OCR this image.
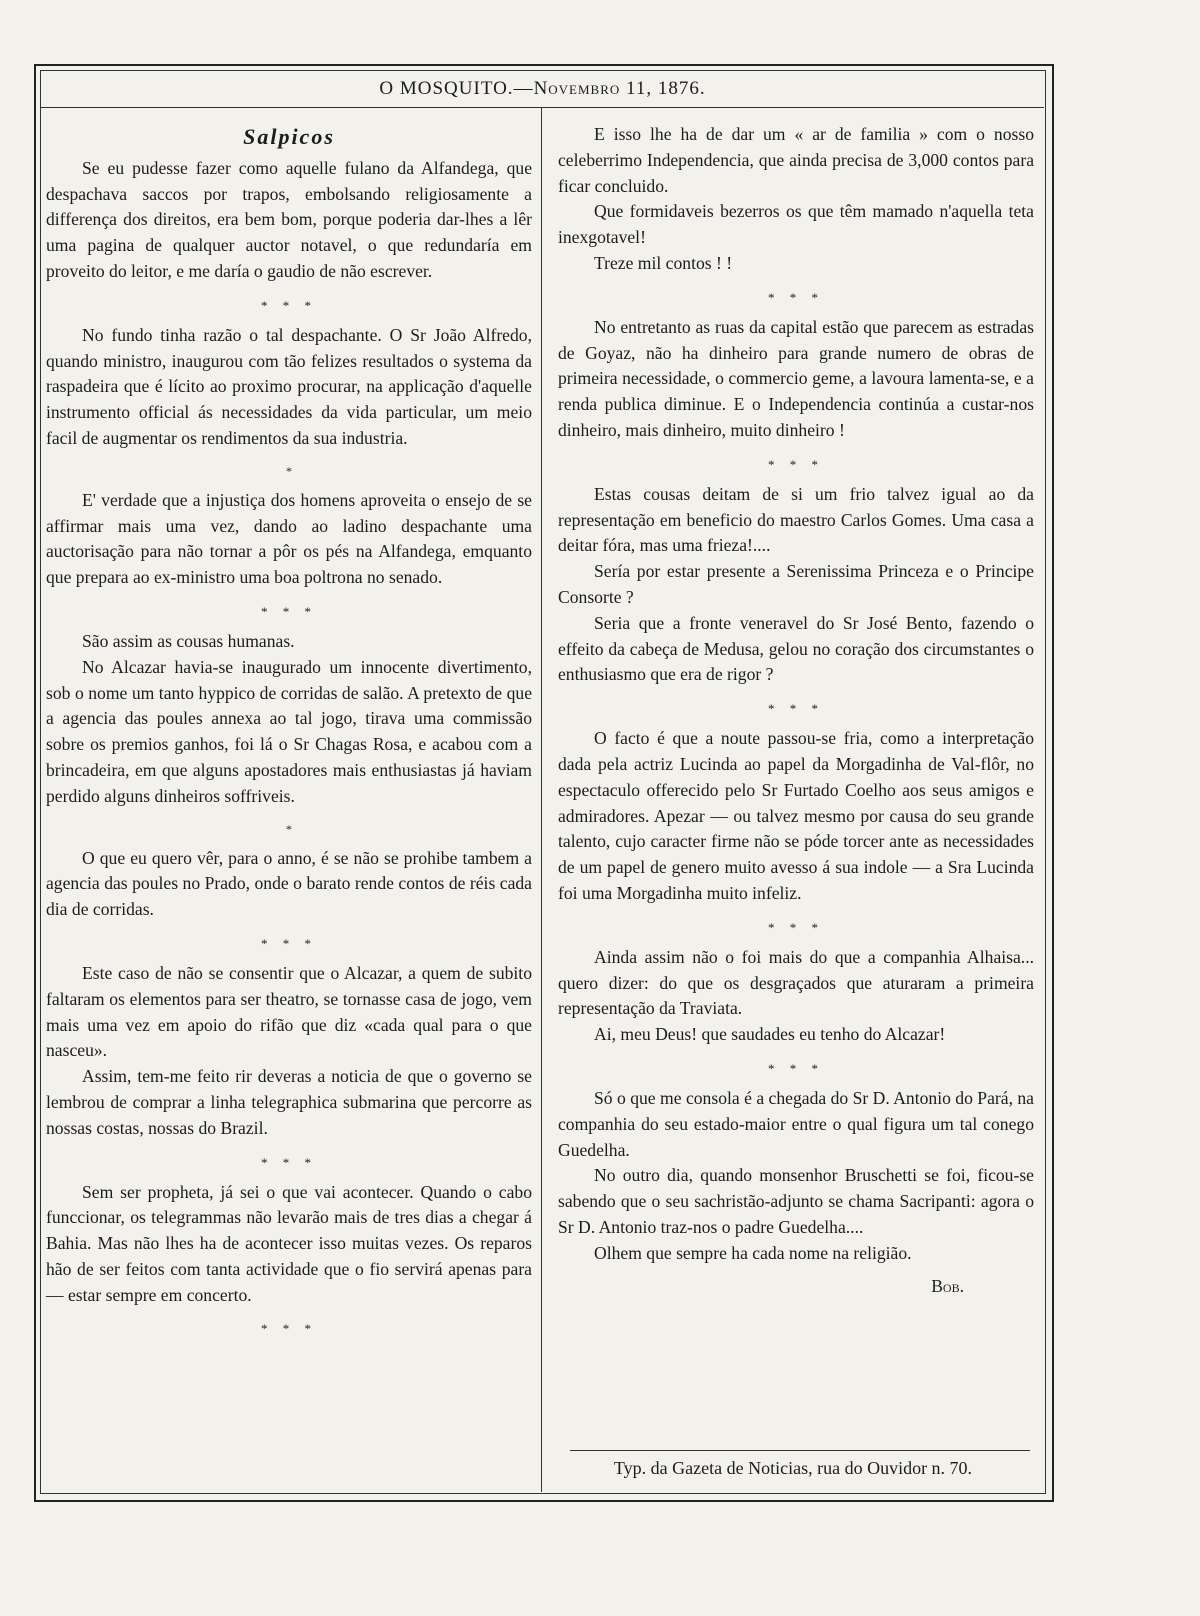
O MOSQUITO. — Novembro
11, 1876.
Salpicos

Se eu pudesse fazer como aquelle fulano da Alfandega, que despachava saccos por trapos, embolsando religiosamente a differença dos direitos, era bem bom, porque poderia dar-lhes a lêr uma pagina de qualquer auctor notavel, o que redundaría em proveito do leitor, e me daría o gaudio de não escrever.

* * *

No fundo tinha razão o tal despachante. O Sr João Alfredo, quando ministro, inaugurou com tão felizes resultados o systema da raspadeira que é lícito ao proximo procurar, na applicação d'aquelle instrumento official ás necessidades da vida particular, um meio facil de augmentar os rendimentos da sua industria.

*

E' verdade que a injustiça dos homens aproveita o ensejo de se affirmar mais uma vez, dando ao ladino despachante uma auctorisação para não tornar a pôr os pés na Alfandega, emquanto que prepara ao ex-ministro uma boa poltrona no senado.

* * *

São assim as cousas humanas.

No Alcazar havia-se inaugurado um innocente divertimento, sob o nome um tanto hyppico de corridas de salão. A pretexto de que a agencia das poules annexa ao tal jogo, tirava uma commissão sobre os premios ganhos, foi lá o Sr Chagas Rosa, e acabou com a brincadeira, em que alguns apostadores mais enthusiastas já haviam perdido alguns dinheiros soffriveis.

*

O que eu quero vêr, para o anno, é se não se prohibe tambem a agencia das poules no Prado, onde o barato rende contos de réis cada dia de corridas.

* * *

Este caso de não se consentir que o Alcazar, a quem de subito faltaram os elementos para ser theatro, se tornasse casa de jogo, vem mais uma vez em apoio do rifão que diz «cada qual para o que nasceu».

Assim, tem-me feito rir deveras a noticia de que o governo se lembrou de comprar a linha telegraphica submarina que percorre as nossas costas, nossas do Brazil.

* * *

Sem ser propheta, já sei o que vai acontecer. Quando o cabo funccionar, os telegrammas não levarão mais de tres dias a chegar á Bahia. Mas não lhes ha de acontecer isso muitas vezes. Os reparos hão de ser feitos com tanta actividade que o fio servirá apenas para — estar sempre em concerto.

* * *

E isso lhe ha de dar um « ar de familia » com o nosso celeberrimo Independencia, que ainda precisa de 3,000 contos para ficar concluido.

Que formidaveis bezerros os que têm mamado n'aquella teta inexgotavel!

Treze mil contos ! !

* * *

No entretanto as ruas da capital estão que parecem as estradas de Goyaz, não ha dinheiro para grande numero de obras de primeira necessidade, o commercio geme, a lavoura lamenta-se, e a renda publica diminue. E o Independencia continúa a custar-nos dinheiro, mais dinheiro, muito dinheiro !

* * *

Estas cousas deitam de si um frio talvez igual ao da representação em beneficio do maestro Carlos Gomes. Uma casa a deitar fóra, mas uma frieza!....

Sería por estar presente a Serenissima Princeza e o Principe Consorte ?

Seria que a fronte veneravel do Sr José Bento, fazendo o effeito da cabeça de Medusa, gelou no coração dos circumstantes o enthusiasmo que era de rigor ?

* * *

O facto é que a noute passou-se fria, como a interpretação dada pela actriz Lucinda ao papel da Morgadinha de Val-flôr, no espectaculo offerecido pelo Sr Furtado Coelho aos seus amigos e admiradores. Apezar — ou talvez mesmo por causa do seu grande talento, cujo caracter firme não se póde torcer ante as necessidades de um papel de genero muito avesso á sua indole — a Sra Lucinda foi uma Morgadinha muito infeliz.

* * *

Ainda assim não o foi mais do que a companhia Alhaisa... quero dizer: do que os desgraçados que aturaram a primeira representação da Traviata.

Ai, meu Deus! que saudades eu tenho do Alcazar!

* * *

Só o que me consola é a chegada do Sr D. Antonio do Pará, na companhia do seu estado-maior entre o qual figura um tal conego Guedelha.

No outro dia, quando monsenhor Bruschetti se foi, ficou-se sabendo que o seu sachristão-adjunto se chama Sacripanti: agora o Sr D. Antonio traz-nos o padre Guedelha....

Olhem que sempre ha cada nome na religião.

Bob.
Typ. da Gazeta de Noticias, rua do Ouvidor n. 70.
